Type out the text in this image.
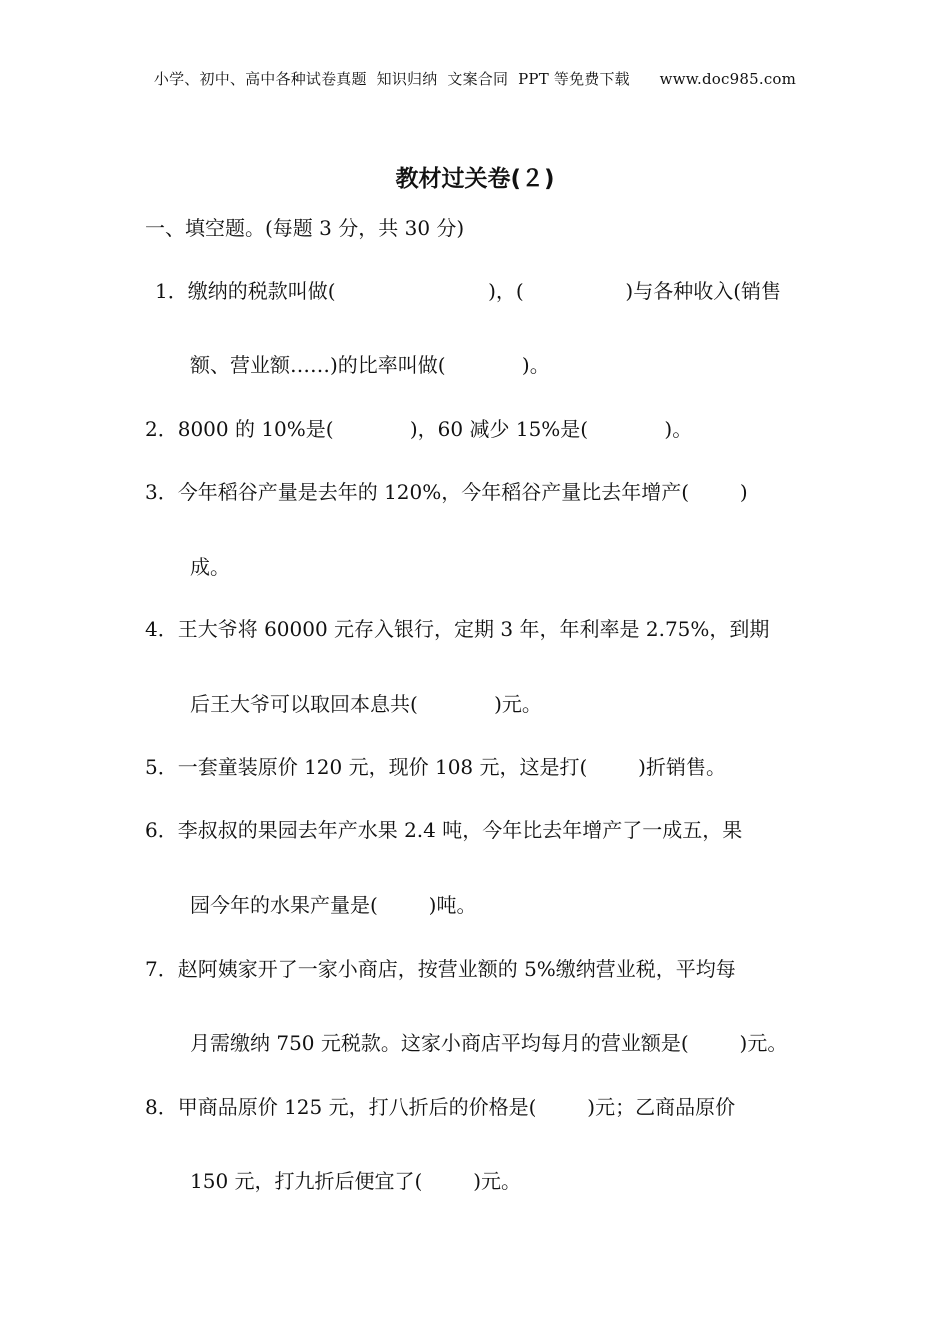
小学、初中、高中各种试卷真题  知识归纳  文案合同  PPT 等免费下载      www.doc985.com
教材过关卷(２)
一、填空题。(每题 3 分，共 30 分)
1．缴纳的税款叫做(                        )，(                )与各种收入(销售
额、营业额……)的比率叫做(            )。
2．8000 的 10%是(            )，60 减少 15%是(            )。
3．今年稻谷产量是去年的 120%，今年稻谷产量比去年增产(        )
成。
4．王大爷将 60000 元存入银行，定期 3 年，年利率是 2.75%，到期
后王大爷可以取回本息共(            )元。
5．一套童装原价 120 元，现价 108 元，这是打(        )折销售。
6．李叔叔的果园去年产水果 2.4 吨，今年比去年增产了一成五，果
园今年的水果产量是(        )吨。
7．赵阿姨家开了一家小商店，按营业额的 5%缴纳营业税，平均每
月需缴纳 750 元税款。这家小商店平均每月的营业额是(        )元。
8．甲商品原价 125 元，打八折后的价格是(        )元；乙商品原价
150 元，打九折后便宜了(        )元。
